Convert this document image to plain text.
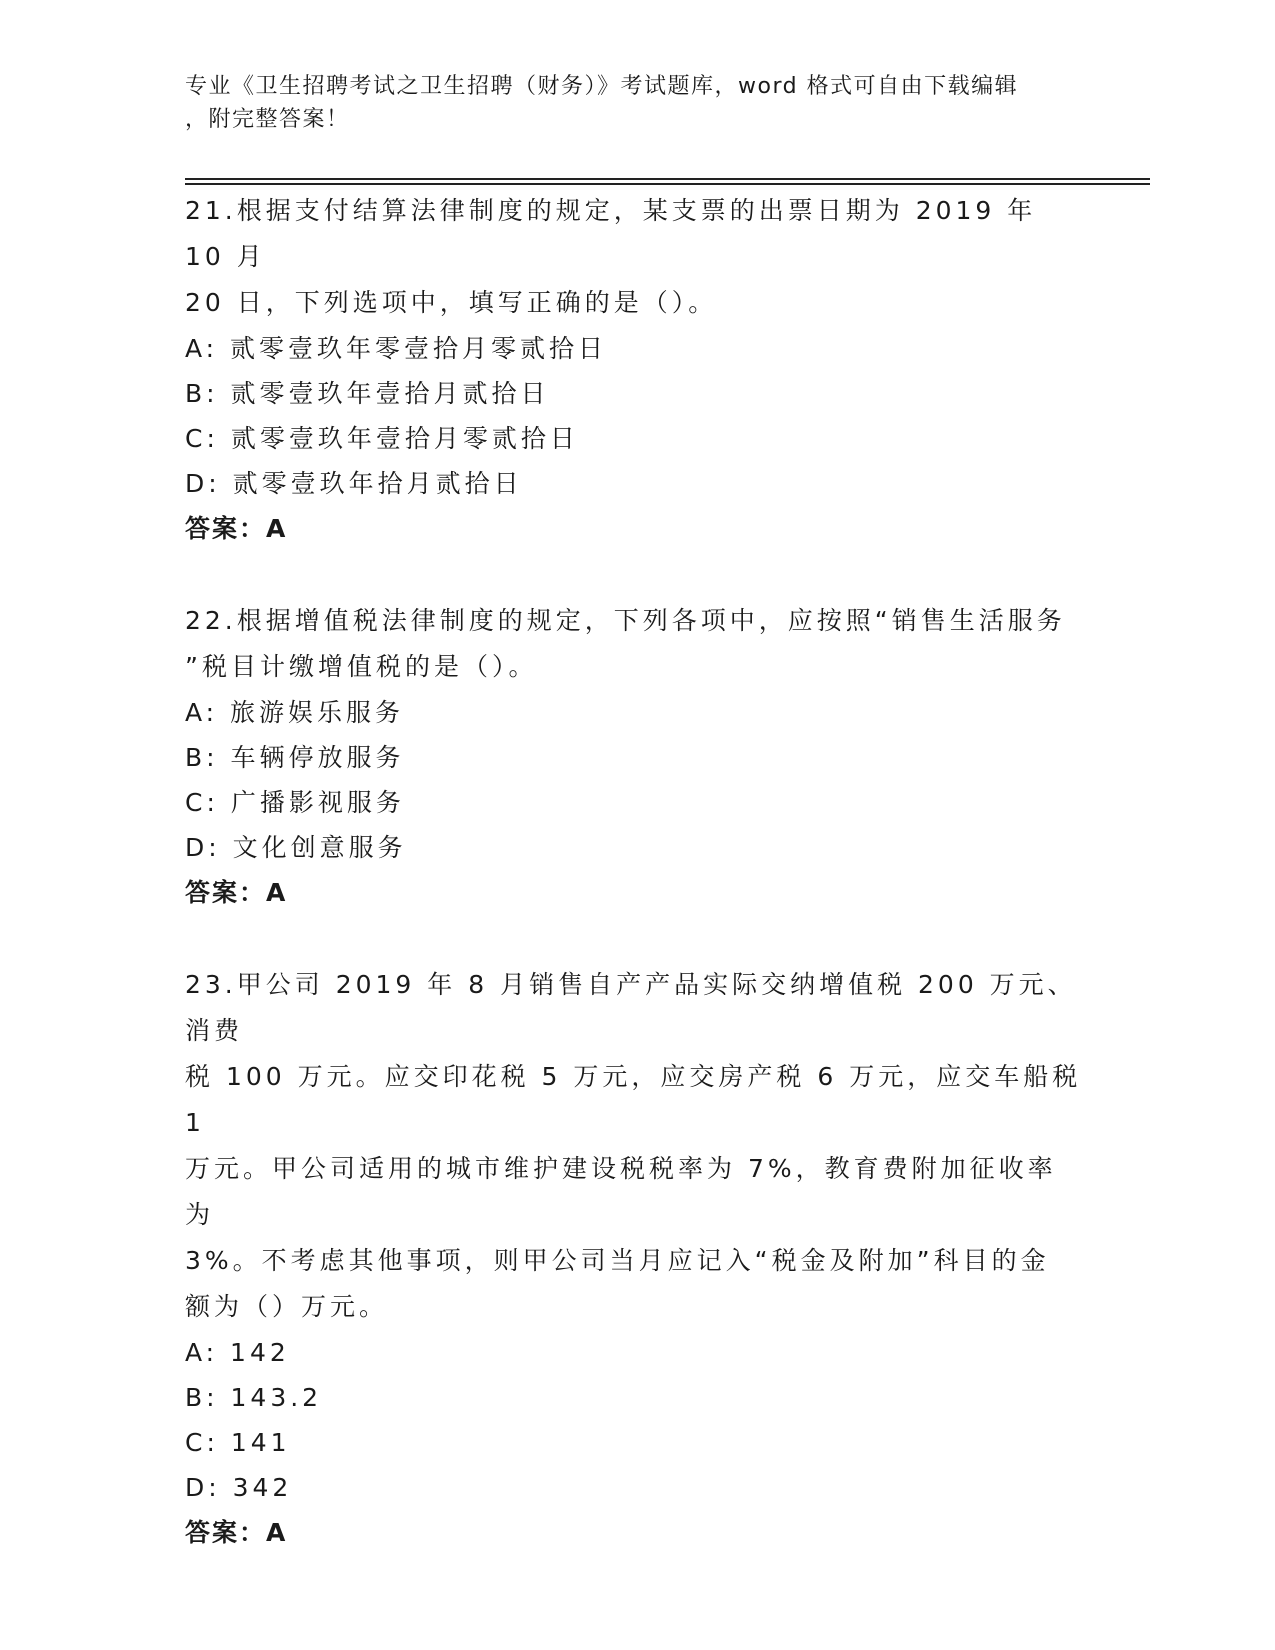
专业《卫生招聘考试之卫生招聘（财务）》考试题库，word 格式可自由下载编辑
，附完整答案！

21.根据支付结算法律制度的规定，某支票的出票日期为 2019 年 10 月

20 日，下列选项中，填写正确的是（）。

A: 贰零壹玖年零壹拾月零贰拾日

B: 贰零壹玖年壹拾月贰拾日

C: 贰零壹玖年壹拾月零贰拾日

D: 贰零壹玖年拾月贰拾日

答案：A

22.根据增值税法律制度的规定，下列各项中，应按照“销售生活服务

”税目计缴增值税的是（）。

A: 旅游娱乐服务

B: 车辆停放服务

C: 广播影视服务

D: 文化创意服务

答案：A

23.甲公司 2019 年 8 月销售自产产品实际交纳增值税 200 万元、消费

税 100 万元。应交印花税 5 万元，应交房产税 6 万元，应交车船税 1

万元。甲公司适用的城市维护建设税税率为 7%，教育费附加征收率为

3%。不考虑其他事项，则甲公司当月应记入“税金及附加”科目的金

额为（）万元。

A: 142

B: 143.2

C: 141

D: 342

答案：A
